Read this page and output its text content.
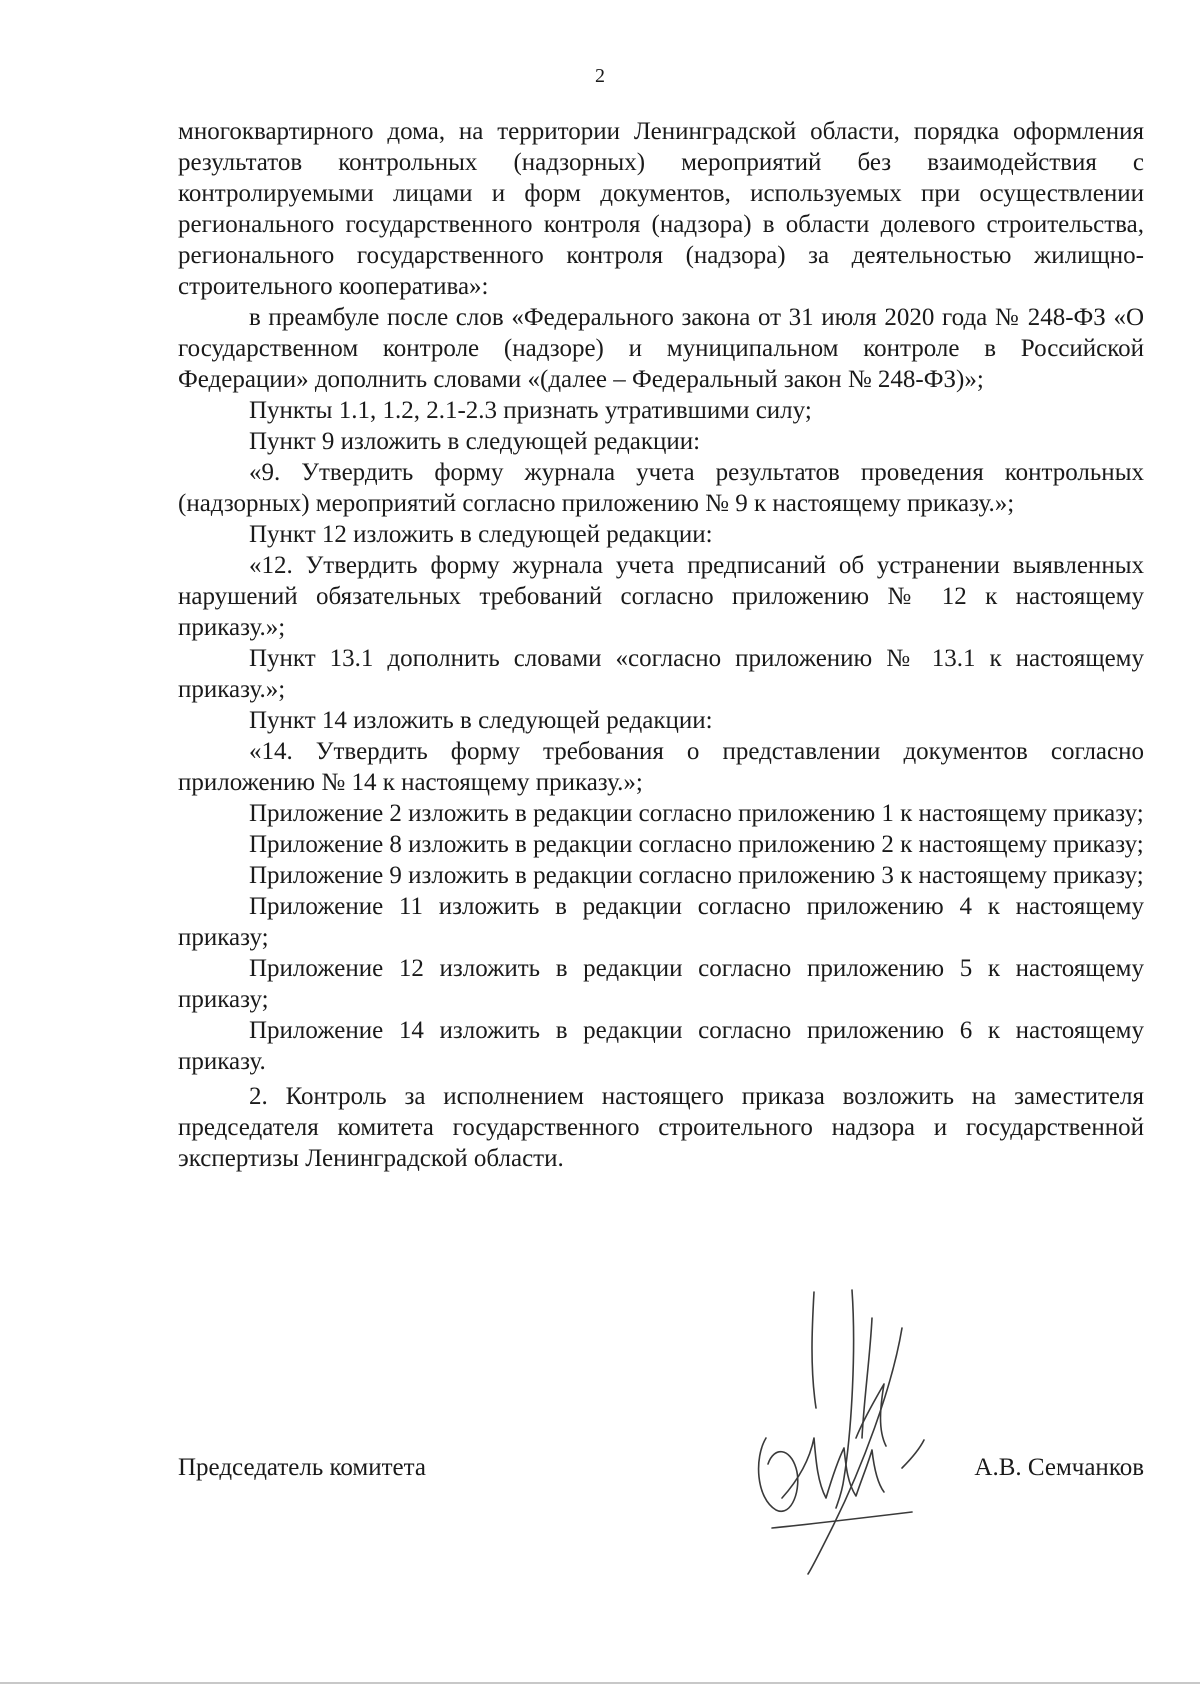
2

многоквартирного дома, на территории Ленинградской области, порядка оформления результатов контрольных (надзорных) мероприятий без взаимодействия с контролируемыми лицами и форм документов, используемых при осуществлении регионального государственного контроля (надзора) в области долевого строительства, регионального государственного контроля (надзора) за деятельностью жилищно-строительного кооператива»:

в преамбуле после слов «Федерального закона от 31 июля 2020 года № 248-ФЗ «О государственном контроле (надзоре) и муниципальном контроле в Российской Федерации» дополнить словами «(далее – Федеральный закон № 248-ФЗ)»;

Пункты 1.1, 1.2, 2.1-2.3 признать утратившими силу;

Пункт 9 изложить в следующей редакции:

«9. Утвердить форму журнала учета результатов проведения контрольных (надзорных) мероприятий согласно приложению № 9 к настоящему приказу.»;

Пункт 12 изложить в следующей редакции:

«12. Утвердить форму журнала учета предписаний об устранении выявленных нарушений обязательных требований согласно приложению № 12 к настоящему приказу.»;

Пункт 13.1 дополнить словами «согласно приложению № 13.1 к настоящему приказу.»;

Пункт 14 изложить в следующей редакции:

«14. Утвердить форму требования о представлении документов согласно приложению № 14 к настоящему приказу.»;

Приложение 2 изложить в редакции согласно приложению 1 к настоящему приказу;

Приложение 8 изложить в редакции согласно приложению 2 к настоящему приказу;

Приложение 9 изложить в редакции согласно приложению 3 к настоящему приказу;

Приложение 11 изложить в редакции согласно приложению 4 к настоящему приказу;

Приложение 12 изложить в редакции согласно приложению 5 к настоящему приказу;

Приложение 14 изложить в редакции согласно приложению 6 к настоящему приказу.

2. Контроль за исполнением настоящего приказа возложить на заместителя председателя комитета государственного строительного надзора и государственной экспертизы Ленинградской области.

Председатель комитета	А.В. Семчанков
